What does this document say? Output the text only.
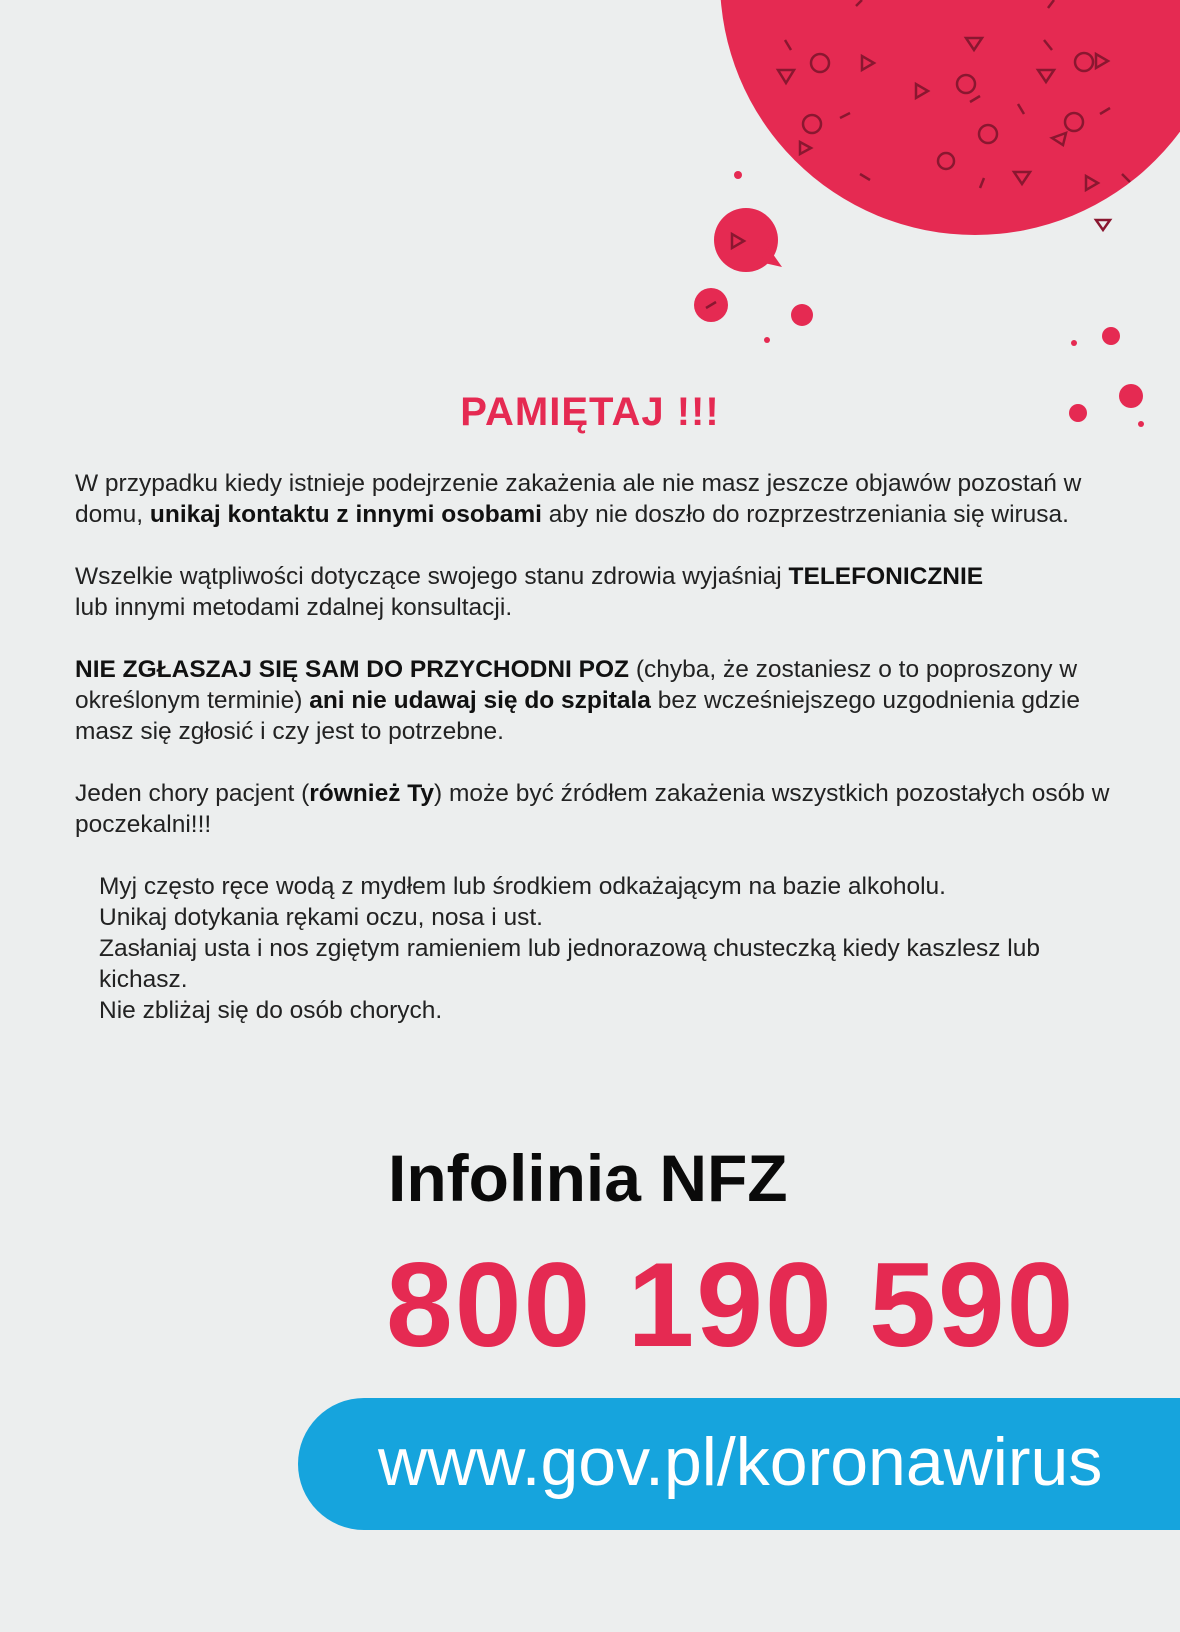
PAMIĘTAJ !!!

W przypadku kiedy istnieje podejrzenie zakażenia ale nie masz jeszcze objawów pozostań w domu, unikaj kontaktu z innymi osobami aby nie doszło do rozprzestrzeniania się wirusa.

Wszelkie wątpliwości dotyczące swojego stanu zdrowia wyjaśniaj TELEFONICZNIE
lub innymi metodami zdalnej konsultacji.

NIE ZGŁASZAJ SIĘ SAM DO PRZYCHODNI POZ (chyba, że zostaniesz o to poproszony w określonym terminie) ani nie udawaj się do szpitala bez wcześniejszego uzgodnienia gdzie masz się zgłosić i czy jest to potrzebne.

Jeden chory pacjent (również Ty) może być źródłem zakażenia wszystkich pozostałych osób w poczekalni!!!

Myj często ręce wodą z mydłem lub środkiem odkażającym na bazie alkoholu.
Unikaj dotykania rękami oczu, nosa i ust.
Zasłaniaj usta i nos zgiętym ramieniem lub jednorazową chusteczką kiedy kaszlesz lub kichasz.
Nie zbliżaj się do osób chorych.
Infolinia NFZ
800 190 590
www.gov.pl/koronawirus
